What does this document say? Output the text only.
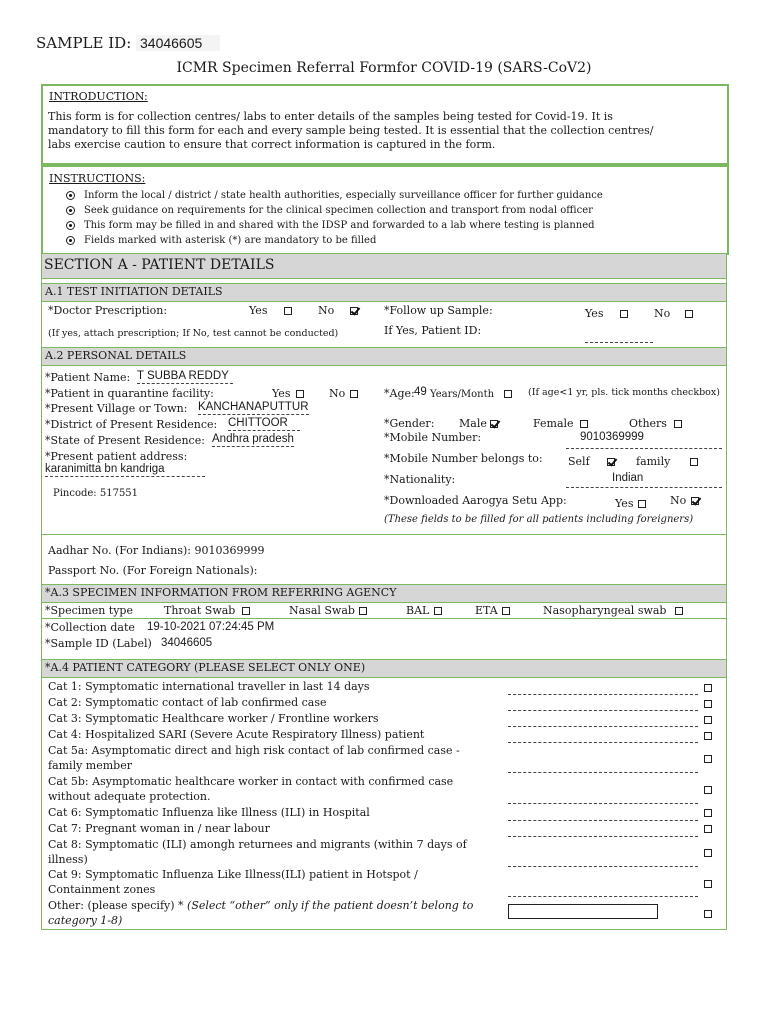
SAMPLE ID: 34046605
ICMR Specimen Referral Formfor COVID-19 (SARS-CoV2)
INTRODUCTION:
This form is for collection centres/ labs to enter details of the samples being tested for Covid-19. It is
mandatory to fill this form for each and every sample being tested. It is essential that the collection centres/
labs exercise caution to ensure that correct information is captured in the form.
INSTRUCTIONS:
Inform the local / district / state health authorities, especially surveillance officer for further guidance
Seek guidance on requirements for the clinical specimen collection and transport from nodal officer
This form may be filled in and shared with the IDSP and forwarded to a lab where testing is planned
Fields marked with asterisk (*) are mandatory to be filled
SECTION A - PATIENT DETAILS
A.1 TEST INITIATION DETAILS
*Doctor Prescription:	Yes	No
(If yes, attach prescription; If No, test cannot be conducted)
*Follow up Sample:	Yes	No
If Yes, Patient ID:
A.2 PERSONAL DETAILS
*Patient Name: T SUBBA REDDY
*Patient in quarantine facility:	Yes	No
*Present Village or Town: KANCHANAPUTTUR
*District of Present Residence: CHITTOOR
*State of Present Residence: Andhra pradesh
*Present patient address:
karanimitta bn kandriga
Pincode: 517551
*Age: 49 Years/Month	(If age<1 yr, pls. tick months checkbox)
*Gender: Male	Female	Others
*Mobile Number:	9010369999
*Mobile Number belongs to: Self	family
*Nationality:	Indian
*Downloaded Aarogya Setu App:	Yes	No
(These fields to be filled for all patients including foreigners)
Aadhar No. (For Indians): 9010369999
Passport No. (For Foreign Nationals):
*A.3 SPECIMEN INFORMATION FROM REFERRING AGENCY
*Specimen type	Throat Swab	Nasal Swab	BAL	ETA	Nasopharyngeal swab
*Collection date 19-10-2021 07:24:45 PM
*Sample ID (Label) 34046605
*A.4 PATIENT CATEGORY (PLEASE SELECT ONLY ONE)
Cat 1: Symptomatic international traveller in last 14 days
Cat 2: Symptomatic contact of lab confirmed case
Cat 3: Symptomatic Healthcare worker / Frontline workers
Cat 4: Hospitalized SARI (Severe Acute Respiratory Illness) patient
Cat 5a: Asymptomatic direct and high risk contact of lab confirmed case -
family member
Cat 5b: Asymptomatic healthcare worker in contact with confirmed case
without adequate protection.
Cat 6: Symptomatic Influenza like Illness (ILI) in Hospital
Cat 7: Pregnant woman in / near labour
Cat 8: Symptomatic (ILI) amongh returnees and migrants (within 7 days of
illness)
Cat 9: Symptomatic Influenza Like Illness(ILI) patient in Hotspot /
Containment zones
Other: (please specify) * (Select “other” only if the patient doesn’t belong to
category 1-8)
